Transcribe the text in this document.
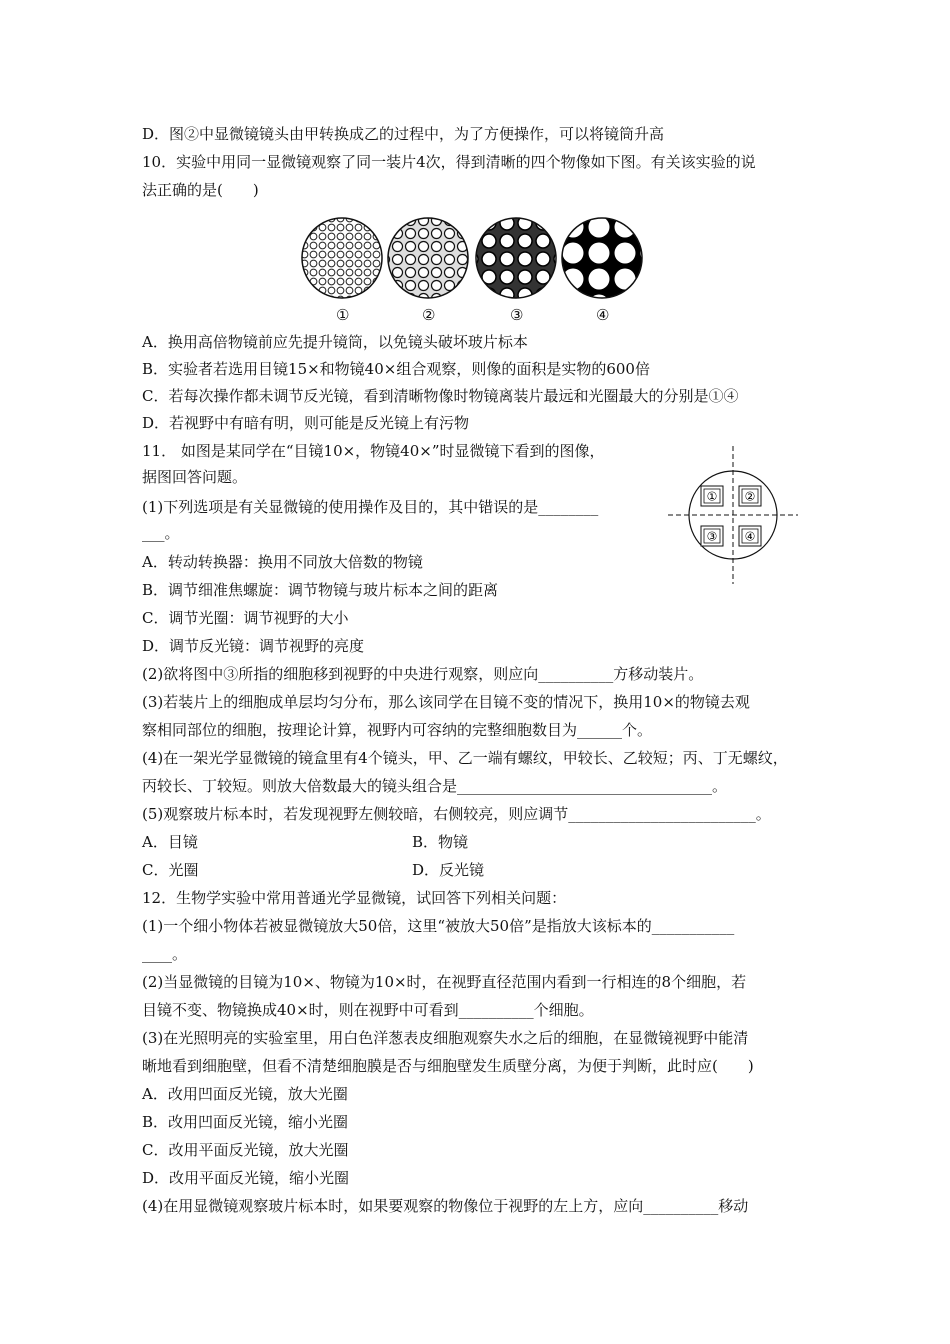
D．图②中显微镜镜头由甲转换成乙的过程中，为了方便操作，可以将镜筒升高
10．实验中用同一显微镜观察了同一装片4次，得到清晰的四个物像如下图。有关该实验的说
法正确的是(　　)
①	②	③	④
A．换用高倍物镜前应先提升镜筒，以免镜头破坏玻片标本
B．实验者若选用目镜15×和物镜40×组合观察，则像的面积是实物的600倍
C．若每次操作都未调节反光镜，看到清晰物像时物镜离装片最远和光圈最大的分别是①④
D．若视野中有暗有明，则可能是反光镜上有污物
11． 如图是某同学在“目镜10×，物镜40×”时显微镜下看到的图像，
据图回答问题。
(1)下列选项是有关显微镜的使用操作及目的，其中错误的是________
___。
① ②
③ ④
A．转动转换器：换用不同放大倍数的物镜
B．调节细准焦螺旋：调节物镜与玻片标本之间的距离
C．调节光圈：调节视野的大小
D．调节反光镜：调节视野的亮度
(2)欲将图中③所指的细胞移到视野的中央进行观察，则应向__________方移动装片。
(3)若装片上的细胞成单层均匀分布，那么该同学在目镜不变的情况下，换用10×的物镜去观
察相同部位的细胞，按理论计算，视野内可容纳的完整细胞数目为______个。
(4)在一架光学显微镜的镜盒里有4个镜头，甲、乙一端有螺纹，甲较长、乙较短；丙、丁无螺纹，
丙较长、丁较短。则放大倍数最大的镜头组合是__________________________________。
(5)观察玻片标本时，若发现视野左侧较暗，右侧较亮，则应调节_________________________。
A．目镜	B．物镜
C．光圈	D．反光镜
12．生物学实验中常用普通光学显微镜，试回答下列相关问题：
(1)一个细小物体若被显微镜放大50倍，这里“被放大50倍”是指放大该标本的___________
____。
(2)当显微镜的目镜为10×、物镜为10×时，在视野直径范围内看到一行相连的8个细胞，若
目镜不变、物镜换成40×时，则在视野中可看到__________个细胞。
(3)在光照明亮的实验室里，用白色洋葱表皮细胞观察失水之后的细胞，在显微镜视野中能清
晰地看到细胞壁，但看不清楚细胞膜是否与细胞壁发生质壁分离，为便于判断，此时应(　　)
A．改用凹面反光镜，放大光圈
B．改用凹面反光镜，缩小光圈
C．改用平面反光镜，放大光圈
D．改用平面反光镜，缩小光圈
(4)在用显微镜观察玻片标本时，如果要观察的物像位于视野的左上方，应向__________移动
